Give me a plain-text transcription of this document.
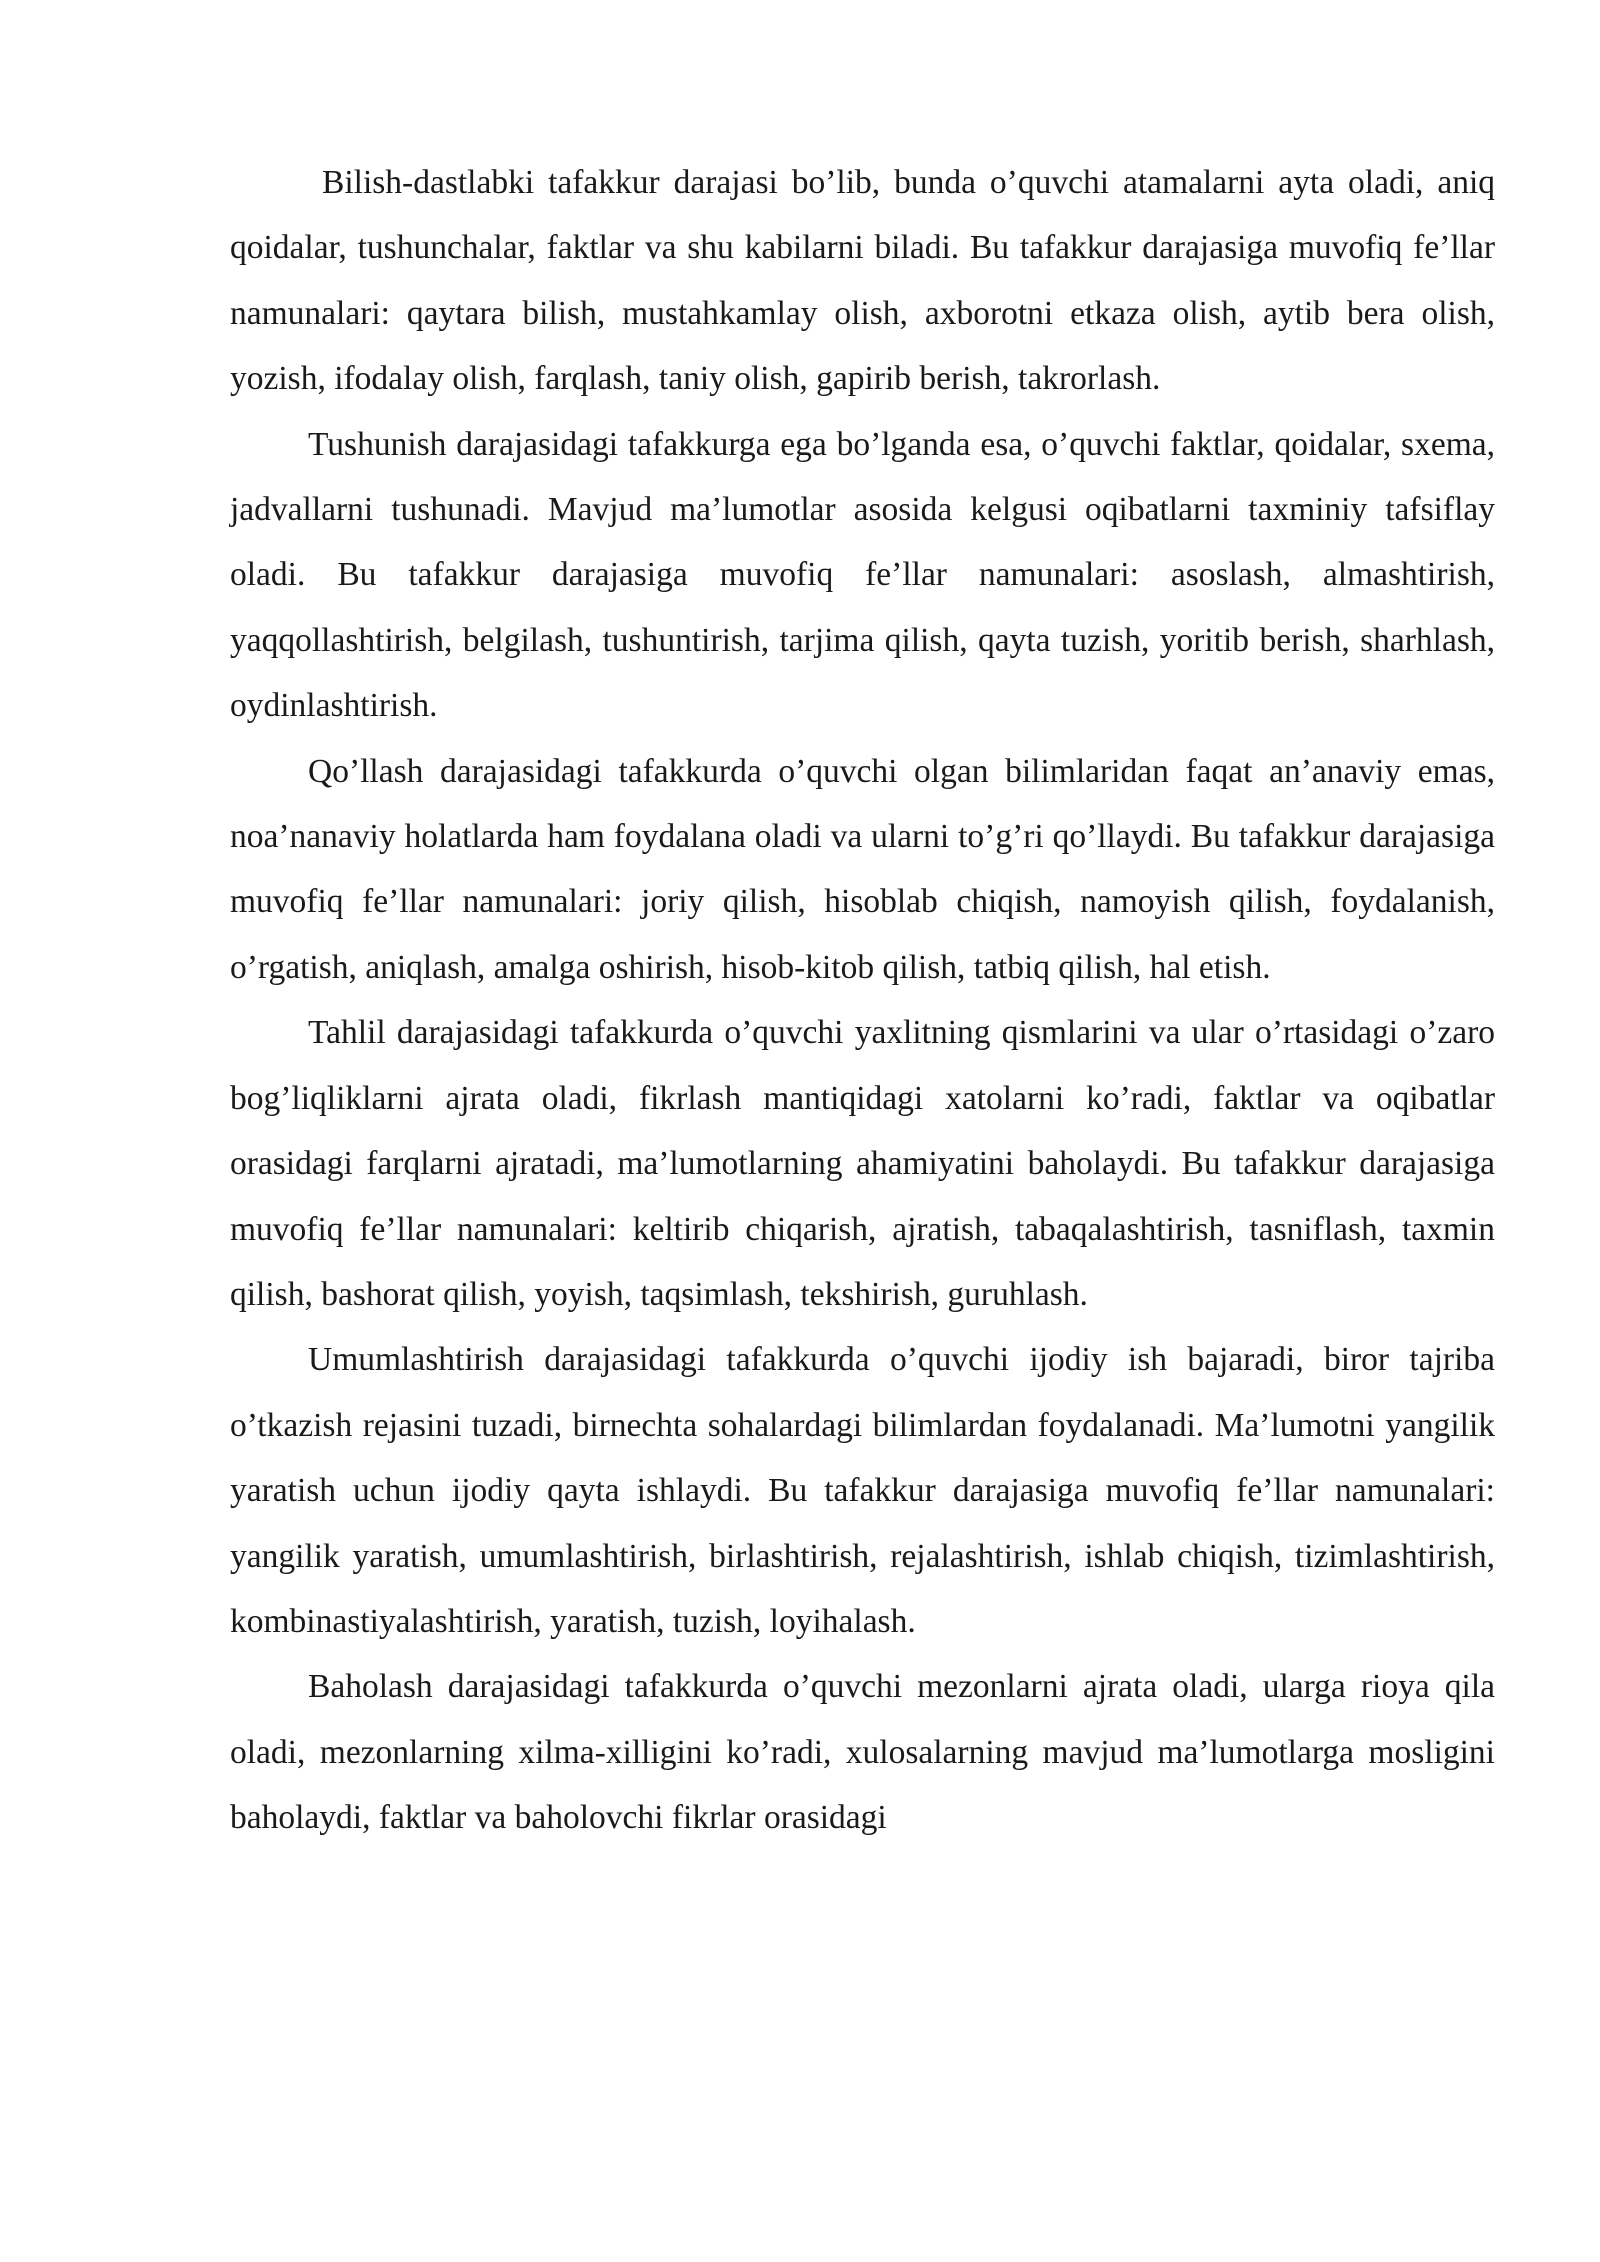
Bilish-dastlabki tafakkur darajasi bo’lib, bunda o’quvchi atamalarni ayta oladi, aniq qoidalar, tushunchalar, faktlar va shu kabilarni biladi. Bu tafakkur darajasiga muvofiq fe’llar namunalari: qaytara bilish, mustahkamlay olish, axborotni etkaza olish, aytib bera olish, yozish, ifodalay olish, farqlash, taniy olish, gapirib berish, takrorlash.

Tushunish darajasidagi tafakkurga ega bo’lganda esa, o’quvchi faktlar, qoidalar, sxema, jadvallarni tushunadi. Mavjud ma’lumotlar asosida kelgusi oqibatlarni taxminiy tafsiflay oladi. Bu tafakkur darajasiga muvofiq fe’llar namunalari: asoslash, almashtirish, yaqqollashtirish, belgilash, tushuntirish, tarjima qilish, qayta tuzish, yoritib berish, sharhlash, oydinlashtirish.

Qo’llash darajasidagi tafakkurda o’quvchi olgan bilimlaridan faqat an’anaviy emas, noa’nanaviy holatlarda ham foydalana oladi va ularni to’g’ri qo’llaydi. Bu tafakkur darajasiga muvofiq fe’llar namunalari: joriy qilish, hisoblab chiqish, namoyish qilish, foydalanish, o’rgatish, aniqlash, amalga oshirish, hisob-kitob qilish, tatbiq qilish, hal etish.

Tahlil darajasidagi tafakkurda o’quvchi yaxlitning qismlarini va ular o’rtasidagi o’zaro bog’liqliklarni ajrata oladi, fikrlash mantiqidagi xatolarni ko’radi, faktlar va oqibatlar orasidagi farqlarni ajratadi, ma’lumotlarning ahamiyatini baholaydi. Bu tafakkur darajasiga muvofiq fe’llar namunalari: keltirib chiqarish, ajratish, tabaqalashtirish, tasniflash, taxmin qilish, bashorat qilish, yoyish, taqsimlash, tekshirish, guruhlash.

Umumlashtirish darajasidagi tafakkurda o’quvchi ijodiy ish bajaradi, biror tajriba o’tkazish rejasini tuzadi, birnechta sohalardagi bilimlardan foydalanadi. Ma’lumotni yangilik yaratish uchun ijodiy qayta ishlaydi. Bu tafakkur darajasiga muvofiq fe’llar namunalari: yangilik yaratish, umumlashtirish, birlashtirish, rejalashtirish, ishlab chiqish, tizimlashtirish, kombinastiyalashtirish, yaratish, tuzish, loyihalash.

Baholash darajasidagi tafakkurda o’quvchi mezonlarni ajrata oladi, ularga rioya qila oladi, mezonlarning xilma-xilligini ko’radi, xulosalarning mavjud ma’lumotlarga mosligini baholaydi, faktlar va baholovchi fikrlar orasidagi
